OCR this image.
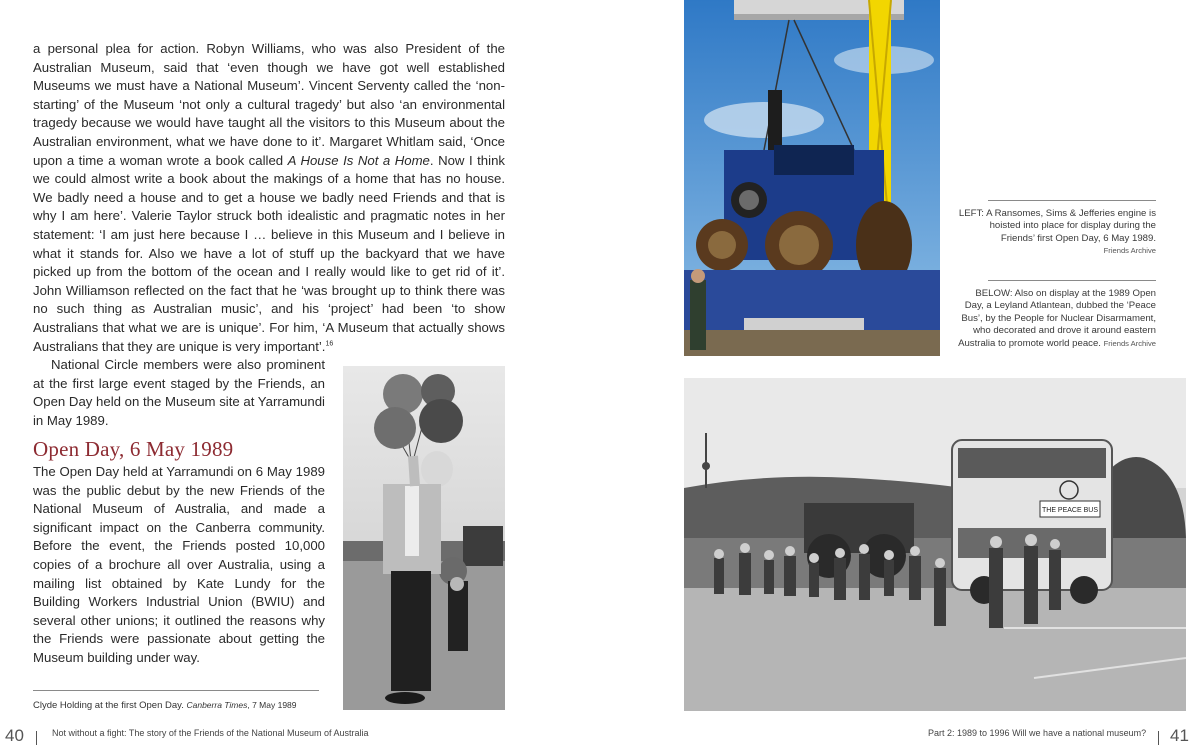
a personal plea for action. Robyn Williams, who was also President of the Australian Museum, said that ‘even though we have got well established Museums we must have a National Museum’. Vincent Serventy called the ‘non-starting’ of the Museum ‘not only a cultural tragedy’ but also ‘an environmental tragedy because we would have taught all the visitors to this Museum about the Australian environment, what we have done to it’. Margaret Whitlam said, ‘Once upon a time a woman wrote a book called A House Is Not a Home. Now I think we could almost write a book about the makings of a home that has no house. We badly need a house and to get a house we badly need Friends and that is why I am here’. Valerie Taylor struck both idealistic and pragmatic notes in her statement: ‘I am just here because I … believe in this Museum and I believe in what it stands for. Also we have a lot of stuff up the backyard that we have picked up from the bottom of the ocean and I really would like to get rid of it’. John Williamson reflected on the fact that he ‘was brought up to think there was no such thing as Australian music’, and his ‘project’ had been ‘to show Australians that what we are is unique’. For him, ‘A Museum that actually shows Australians that they are unique is very important’.$^{16}$

National Circle members were also prominent at the first large event staged by the Friends, an Open Day held on the Museum site at Yarramundi in May 1989.

Open Day, 6 May 1989

The Open Day held at Yarramundi on 6 May 1989 was the public debut by the new Friends of the National Museum of Australia, and made a significant impact on the Canberra community. Before the event, the Friends posted 10,000 copies of a brochure all over Australia, using a mailing list obtained by Kate Lundy for the Building Workers Industrial Union (BWIU) and several other unions; it outlined the reasons why the Friends were passionate about getting the Museum building under way.

Clyde Holding at the first Open Day. Canberra Times, 7 May 1989
40	Not without a fight: The story of the Friends of the National Museum of Australia
LEFT: A Ransomes, Sims & Jefferies engine is hoisted into place for display during the Friends’ first Open Day, 6 May 1989.
Friends Archive
BELOW: Also on display at the 1989 Open Day, a Leyland Atlantean, dubbed the ‘Peace Bus’, by the People for Nuclear Disarmament, who decorated and drove it around eastern Australia to promote world peace. Friends Archive
THE PEACE BUS
Part 2: 1989 to 1996 Will we have a national museum? 41
